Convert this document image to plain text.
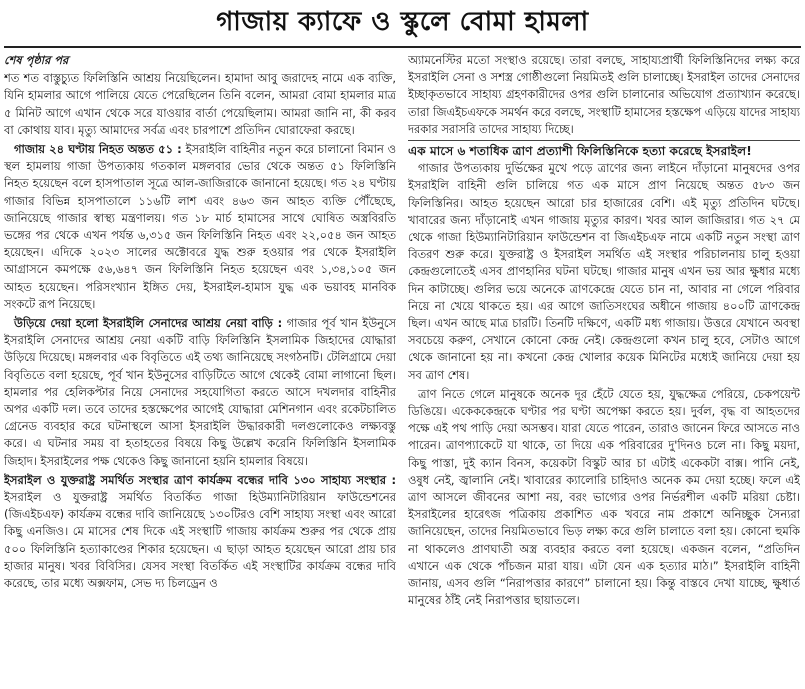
গাজায় ক্যাফে ও স্কুলে বোমা হামলা
শেষ পৃষ্ঠার পর

শত শত বাস্তুচ্যুত ফিলিস্তিনি আশ্রয় নিয়েছিলেন। হামাদা আবু জরাদেহ নামে এক ব্যক্তি, যিনি হামলার আগে পালিয়ে যেতে পেরেছিলেন তিনি বলেন, আমরা বোমা হামলার মাত্র ৫ মিনিট আগে এখান থেকে সরে যাওয়ার বার্তা পেয়েছিলাম। আমরা জানি না, কী করব বা কোথায় যাব। মৃত্যু আমাদের সর্বত্র এবং চারপাশে প্রতিদিন ঘোরাফেরা করছে।

গাজায় ২৪ ঘণ্টায় নিহত অন্তত ৫১ : ইসরাইলি বাহিনীর নতুন করে চালানো বিমান ও স্থল হামলায় গাজা উপত্যকায় গতকাল মঙ্গলবার ভোর থেকে অন্তত ৫১ ফিলিস্তিনি নিহত হয়েছেন বলে হাসপাতাল সূত্রে আল-জাজিরাকে জানানো হয়েছে। গত ২৪ ঘণ্টায় গাজার বিভিন্ন হাসপাতালে ১১৬টি লাশ এবং ৪৬৩ জন আহত ব্যক্তি পৌঁছেছে, জানিয়েছে গাজার স্বাস্থ্য মন্ত্রণালয়। গত ১৮ মার্চ হামাসের সাথে ঘোষিত অস্ত্রবিরতি ভঙ্গের পর থেকে এখন পর্যন্ত ৬,৩১৫ জন ফিলিস্তিনি নিহত এবং ২২,০৫৪ জন আহত হয়েছেন। এদিকে ২০২৩ সালের অক্টোবরে যুদ্ধ শুরু হওয়ার পর থেকে ইসরাইলি আগ্রাসনে কমপক্ষে ৫৬,৬৪৭ জন ফিলিস্তিনি নিহত হয়েছেন এবং ১,৩৪,১০৫ জন আহত হয়েছেন। পরিসংখ্যান ইঙ্গিত দেয়, ইসরাইল-হামাস যুদ্ধ এক ভয়াবহ মানবিক সংকটে রূপ নিয়েছে।

উড়িয়ে দেয়া হলো ইসরাইলি সেনাদের আশ্রয় নেয়া বাড়ি : গাজার পূর্ব খান ইউনুসে ইসরাইলি সেনাদের আশ্রয় নেয়া একটি বাড়ি ফিলিস্তিনি ইসলামিক জিহাদের যোদ্ধারা উড়িয়ে দিয়েছে। মঙ্গলবার এক বিবৃতিতে এই তথ্য জানিয়েছে সংগঠনটি। টেলিগ্রামে দেয়া বিবৃতিতে বলা হয়েছে, পূর্ব খান ইউনুসের বাড়িটিতে আগে থেকেই বোমা লাগানো ছিল। হামলার পর হেলিকপ্টার নিয়ে সেনাদের সহযোগিতা করতে আসে দখলদার বাহিনীর অপর একটি দল। তবে তাদের হস্তক্ষেপের আগেই যোদ্ধারা মেশিনগান এবং রকেটচালিত গ্রেনেড ব্যবহার করে ঘটনাস্থলে আসা ইসরাইলি উদ্ধারকারী দলগুলোকেও লক্ষ্যবস্তু করে। এ ঘটনার সময় বা হতাহতের বিষয়ে কিছু উল্লেখ করেনি ফিলিস্তিনি ইসলামিক জিহাদ। ইসরাইলের পক্ষ থেকেও কিছু জানানো হয়নি হামলার বিষয়ে।

ইসরাইল ও যুক্তরাষ্ট্র সমর্থিত সংস্থার ত্রাণ কার্যক্রম বন্ধের দাবি ১৩০ সাহায্য সংস্থার : ইসরাইল ও যুক্তরাষ্ট্র সমর্থিত বিতর্কিত গাজা হিউম্যানিটারিয়ান ফাউন্ডেশনের (জিএইচএফ) কার্যক্রম বন্ধের দাবি জানিয়েছে ১৩০টিরও বেশি সাহায্য সংস্থা এবং আরো কিছু এনজিও। মে মাসের শেষ দিকে এই সংস্থাটি গাজায় কার্যক্রম শুরুর পর থেকে প্রায় ৫০০ ফিলিস্তিনি হত্যাকাণ্ডের শিকার হয়েছেন। এ ছাড়া আহত হয়েছেন আরো প্রায় চার হাজার মানুষ। খবর বিবিসির। যেসব সংস্থা বিতর্কিত এই সংস্থাটির কার্যক্রম বন্ধের দাবি করেছে, তার মধ্যে অক্সফাম, সেভ দ্য চিলড্রেন ও

অ্যামনেস্টির মতো সংস্থাও রয়েছে। তারা বলছে, সাহায্যপ্রার্থী ফিলিস্তিনিদের লক্ষ্য করে ইসরাইলি সেনা ও সশস্ত্র গোষ্ঠীগুলো নিয়মিতই গুলি চালাচ্ছে। ইসরাইল তাদের সেনাদের ইচ্ছাকৃতভাবে সাহায্য গ্রহণকারীদের ওপর গুলি চালানোর অভিযোগ প্রত্যাখ্যান করেছে। তারা জিএইচএফকে সমর্থন করে বলছে, সংস্থাটি হামাসের হস্তক্ষেপ এড়িয়ে যাদের সাহায্য দরকার সরাসরি তাদের সাহায্য দিচ্ছে।

এক মাসে ৬ শতাধিক ত্রাণ প্রত্যাশী ফিলিস্তিনিকে হত্যা করেছে ইসরাইল!

গাজার উপত্যকায় দুর্ভিক্ষের মুখে পড়ে ত্রাণের জন্য লাইনে দাঁড়ানো মানুষদের ওপর ইসরাইলি বাহিনী গুলি চালিয়ে গত এক মাসে প্রাণ নিয়েছে অন্তত ৫৮৩ জন ফিলিস্তিনির। আহত হয়েছেন আরো চার হাজারের বেশি। এই মৃত্যু প্রতিদিন ঘটছে। খাবারের জন্য দাঁড়ানোই এখন গাজায় মৃত্যুর কারণ। খবর আল জাজিরার। গত ২৭ মে থেকে গাজা হিউম্যানিটারিয়ান ফাউন্ডেশন বা জিএইচএফ নামে একটি নতুন সংস্থা ত্রাণ বিতরণ শুরু করে। যুক্তরাষ্ট্র ও ইসরাইল সমর্থিত এই সংস্থার পরিচালনায় চালু হওয়া কেন্দ্রগুলোতেই এসব প্রাণহানির ঘটনা ঘটছে। গাজার মানুষ এখন ভয় আর ক্ষুধার মধ্যে দিন কাটাচ্ছে। গুলির ভয়ে অনেকে ত্রাণকেন্দ্রে যেতে চান না, আবার না গেলে পরিবার নিয়ে না খেয়ে থাকতে হয়। এর আগে জাতিসংঘের অধীনে গাজায় ৪০০টি ত্রাণকেন্দ্র ছিল। এখন আছে মাত্র চারটি। তিনটি দক্ষিণে, একটি মধ্য গাজায়। উত্তরে যেখানে অবস্থা সবচেয়ে করুণ, সেখানে কোনো কেন্দ্র নেই। কেন্দ্রগুলো কখন চালু হবে, সেটাও আগে থেকে জানানো হয় না। কখনো কেন্দ্র খোলার কয়েক মিনিটের মধ্যেই জানিয়ে দেয়া হয় সব ত্রাণ শেষ।

ত্রাণ নিতে গেলে মানুষকে অনেক দূর হেঁটে যেতে হয়, যুদ্ধক্ষেত্র পেরিয়ে, চেকপয়েন্ট ডিঙিয়ে। একেককেন্দ্রকে ঘণ্টার পর ঘণ্টা অপেক্ষা করতে হয়। দুর্বল, বৃদ্ধ বা আহতদের পক্ষে এই পথ পাড়ি দেয়া অসম্ভব। যারা যেতে পারেন, তারাও জানেন ফিরে আসতে নাও পারেন। ত্রাণপ্যাকেটে যা থাকে, তা দিয়ে এক পরিবারের দু'দিনও চলে না। কিছু ময়দা, কিছু পাস্তা, দুই ক্যান বিনস, কয়েকটা বিস্কুট আর চা এটাই একেকটা বাক্স। পানি নেই, ওষুধ নেই, জ্বালানি নেই। খাবারের ক্যালোরি চাহিদাও অনেক কম দেয়া হচ্ছে। ফলে এই ত্রাণ আসলে জীবনের আশা নয়, বরং ভাগ্যের ওপর নির্ভরশীল একটি মরিয়া চেষ্টা। ইসরাইলের হারেৎজ পত্রিকায় প্রকাশিত এক খবরে নাম প্রকাশে অনিচ্ছুক সৈন্যরা জানিয়েছেন, তাদের নিয়মিতভাবে ভিড় লক্ষ্য করে গুলি চালাতে বলা হয়। কোনো হুমকি না থাকলেও প্রাণঘাতী অস্ত্র ব্যবহার করতে বলা হয়েছে। একজন বলেন, “প্রতিদিন এখানে এক থেকে পাঁচজন মারা যায়। এটা যেন এক হত্যার মাঠ।” ইসরাইলি বাহিনী জানায়, এসব গুলি “নিরাপত্তার কারণে” চালানো হয়। কিন্তু বাস্তবে দেখা যাচ্ছে, ক্ষুধার্ত মানুষের ঠাঁই নেই নিরাপত্তার ছায়াতলে।
